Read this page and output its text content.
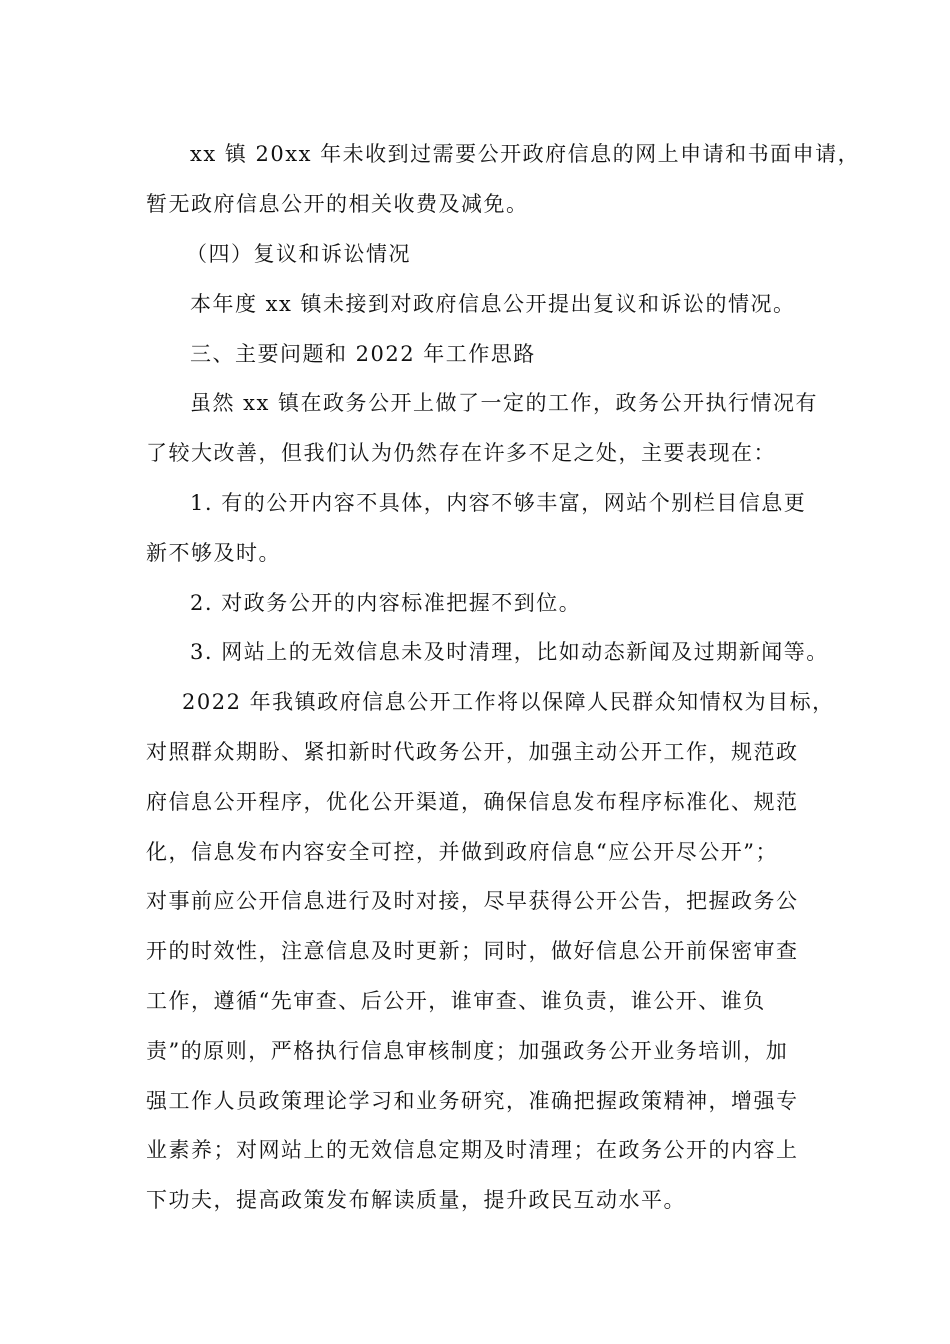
xx 镇 20xx 年未收到过需要公开政府信息的网上申请和书面申请，
暂无政府信息公开的相关收费及减免。
（四）复议和诉讼情况
本年度 xx 镇未接到对政府信息公开提出复议和诉讼的情况。
三、主要问题和 2022 年工作思路
虽然 xx 镇在政务公开上做了一定的工作，政务公开执行情况有
了较大改善，但我们认为仍然存在许多不足之处，主要表现在：
1. 有的公开内容不具体，内容不够丰富，网站个别栏目信息更
新不够及时。
2. 对政务公开的内容标准把握不到位。
3. 网站上的无效信息未及时清理，比如动态新闻及过期新闻等。
2022 年我镇政府信息公开工作将以保障人民群众知情权为目标，
对照群众期盼、紧扣新时代政务公开，加强主动公开工作，规范政
府信息公开程序，优化公开渠道，确保信息发布程序标准化、规范
化，信息发布内容安全可控，并做到政府信息“应公开尽公开”；
对事前应公开信息进行及时对接，尽早获得公开公告，把握政务公
开的时效性，注意信息及时更新；同时，做好信息公开前保密审查
工作，遵循“先审查、后公开，谁审查、谁负责，谁公开、谁负
责”的原则，严格执行信息审核制度；加强政务公开业务培训，加
强工作人员政策理论学习和业务研究，准确把握政策精神，增强专
业素养；对网站上的无效信息定期及时清理；在政务公开的内容上
下功夫，提高政策发布解读质量，提升政民互动水平。
